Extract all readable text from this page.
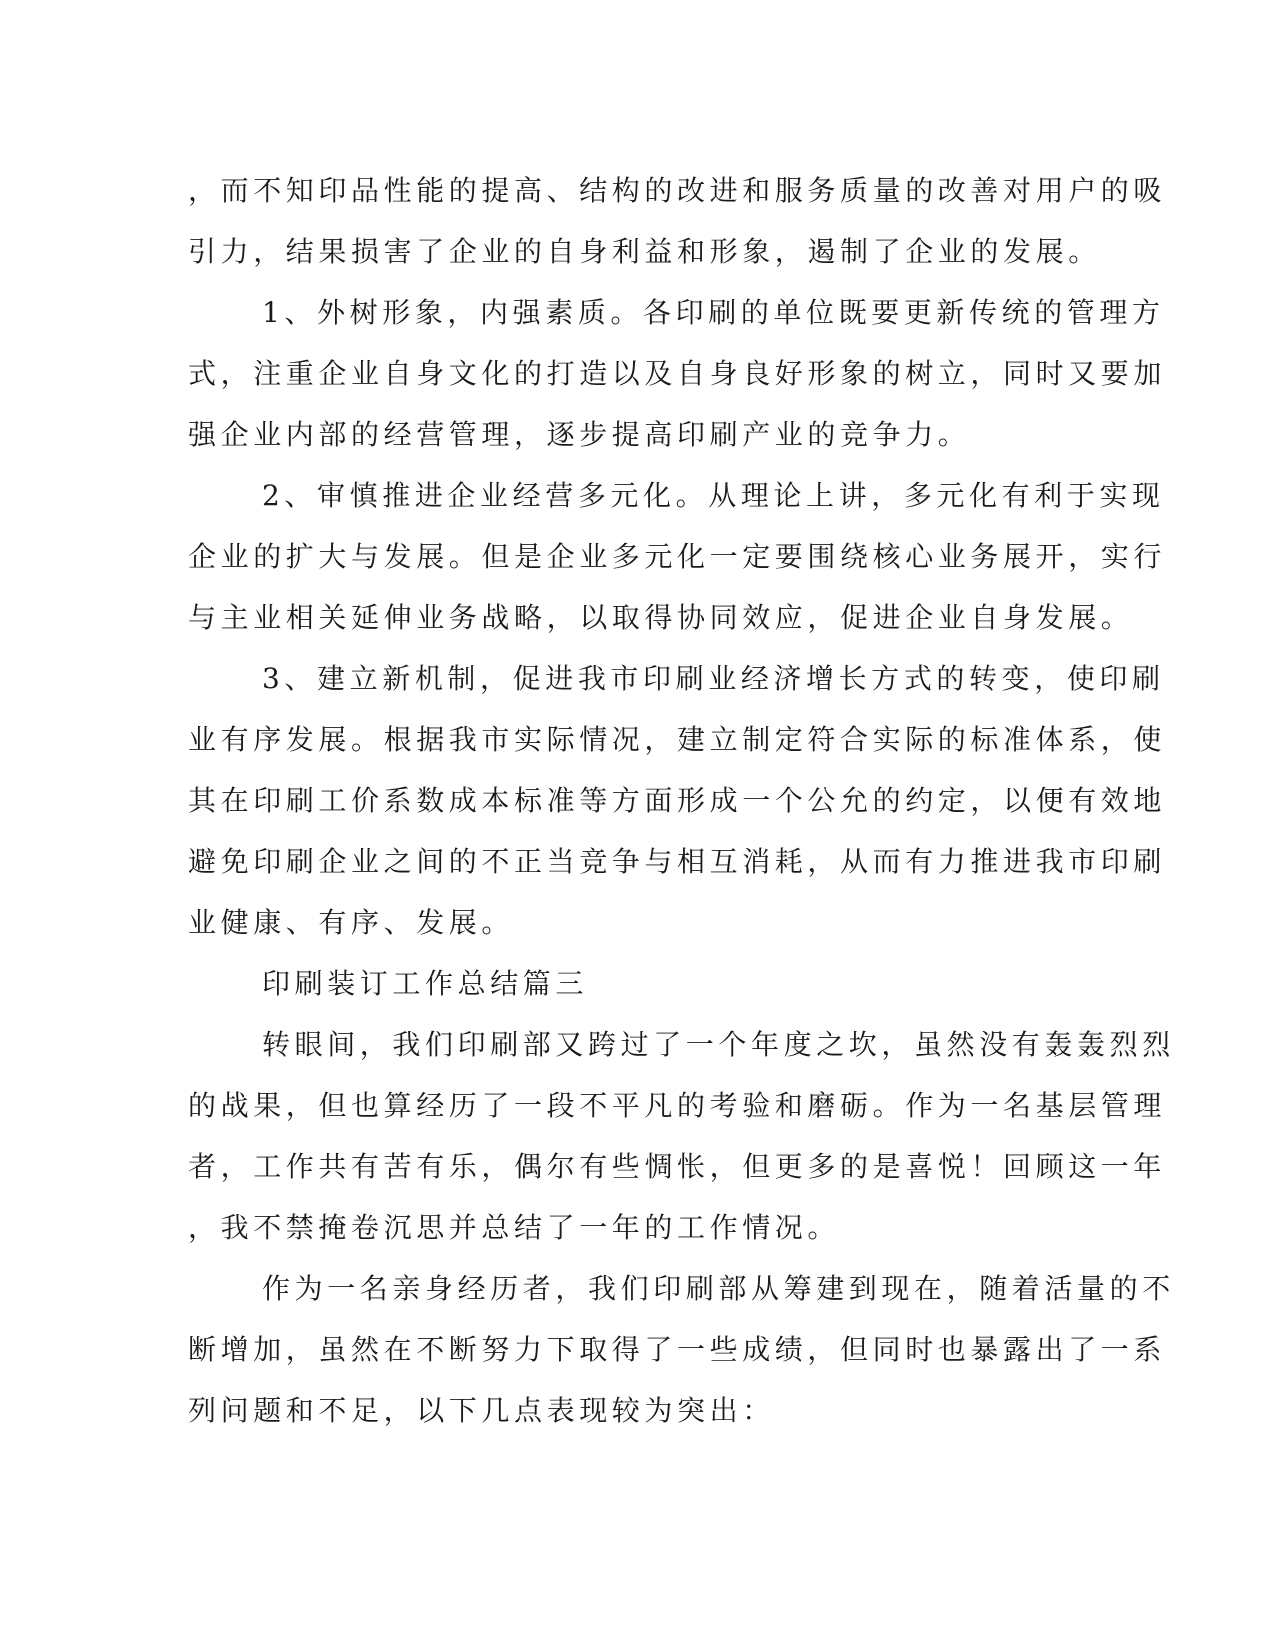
，而不知印品性能的提高、结构的改进和服务质量的改善对用户的吸
引力，结果损害了企业的自身利益和形象，遏制了企业的发展。
1、外树形象，内强素质。各印刷的单位既要更新传统的管理方
式，注重企业自身文化的打造以及自身良好形象的树立，同时又要加
强企业内部的经营管理，逐步提高印刷产业的竞争力。
2、审慎推进企业经营多元化。从理论上讲，多元化有利于实现
企业的扩大与发展。但是企业多元化一定要围绕核心业务展开，实行
与主业相关延伸业务战略，以取得协同效应，促进企业自身发展。
3、建立新机制，促进我市印刷业经济增长方式的转变，使印刷
业有序发展。根据我市实际情况，建立制定符合实际的标准体系，使
其在印刷工价系数成本标准等方面形成一个公允的约定，以便有效地
避免印刷企业之间的不正当竞争与相互消耗，从而有力推进我市印刷
业健康、有序、发展。
印刷装订工作总结篇三
转眼间，我们印刷部又跨过了一个年度之坎，虽然没有轰轰烈烈
的战果，但也算经历了一段不平凡的考验和磨砺。作为一名基层管理
者，工作共有苦有乐，偶尔有些惆怅，但更多的是喜悦！回顾这一年
，我不禁掩卷沉思并总结了一年的工作情况。
作为一名亲身经历者，我们印刷部从筹建到现在，随着活量的不
断增加，虽然在不断努力下取得了一些成绩，但同时也暴露出了一系
列问题和不足，以下几点表现较为突出：
